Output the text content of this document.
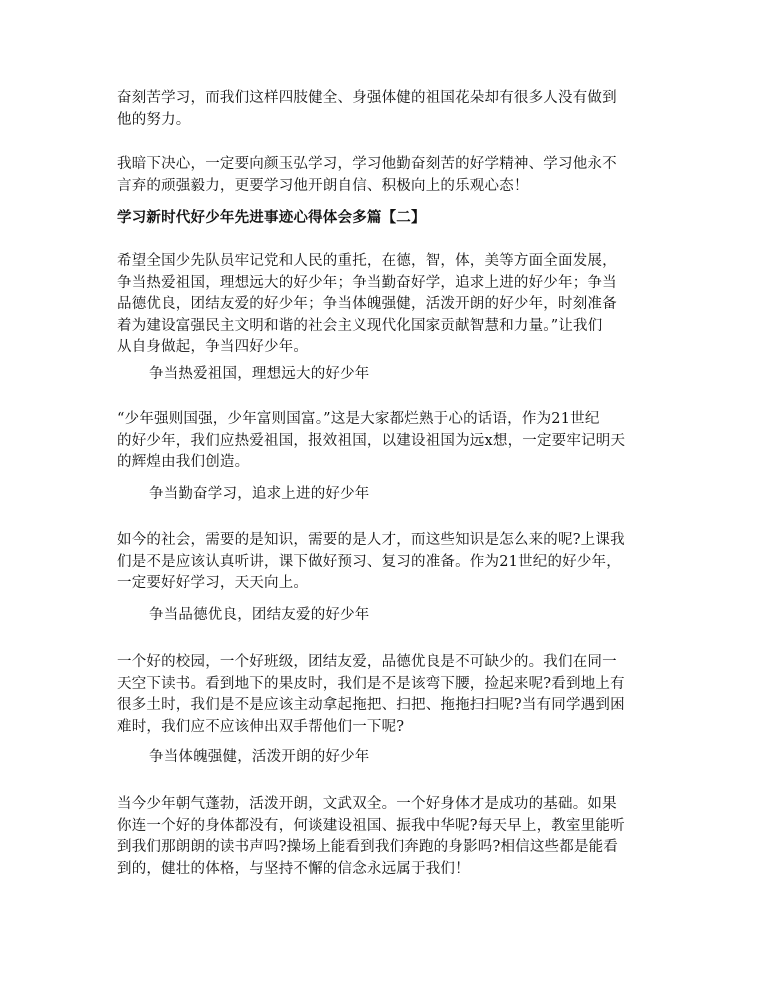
奋刻苦学习，而我们这样四肢健全、身强体健的祖国花朵却有很多人没有做到
他的努力。

我暗下决心，一定要向颜玉弘学习，学习他勤奋刻苦的好学精神、学习他永不
言弃的顽强毅力，更要学习他开朗自信、积极向上的乐观心态！

学习新时代好少年先进事迹心得体会多篇【二】

希望全国少先队员牢记党和人民的重托，在德，智，体，美等方面全面发展，
争当热爱祖国，理想远大的好少年；争当勤奋好学，追求上进的好少年；争当
品德优良，团结友爱的好少年；争当体魄强健，活泼开朗的好少年，时刻准备
着为建设富强民主文明和谐的社会主义现代化国家贡献智慧和力量。”让我们
从自身做起，争当四好少年。

争当热爱祖国，理想远大的好少年

“少年强则国强，少年富则国富。”这是大家都烂熟于心的话语，作为21世纪
的好少年，我们应热爱祖国，报效祖国，以建设祖国为远x想，一定要牢记明天
的辉煌由我们创造。

争当勤奋学习，追求上进的好少年

如今的社会，需要的是知识，需要的是人才，而这些知识是怎么来的呢?上课我
们是不是应该认真听讲，课下做好预习、复习的准备。作为21世纪的好少年，
一定要好好学习，天天向上。

争当品德优良，团结友爱的好少年

一个好的校园，一个好班级，团结友爱，品德优良是不可缺少的。我们在同一
天空下读书。看到地下的果皮时，我们是不是该弯下腰，捡起来呢?看到地上有
很多土时，我们是不是应该主动拿起拖把、扫把、拖拖扫扫呢?当有同学遇到困
难时，我们应不应该伸出双手帮他们一下呢?

争当体魄强健，活泼开朗的好少年

当今少年朝气蓬勃，活泼开朗，文武双全。一个好身体才是成功的基础。如果
你连一个好的身体都没有，何谈建设祖国、振我中华呢?每天早上，教室里能听
到我们那朗朗的读书声吗?操场上能看到我们奔跑的身影吗?相信这些都是能看
到的，健壮的体格，与坚持不懈的信念永远属于我们！
